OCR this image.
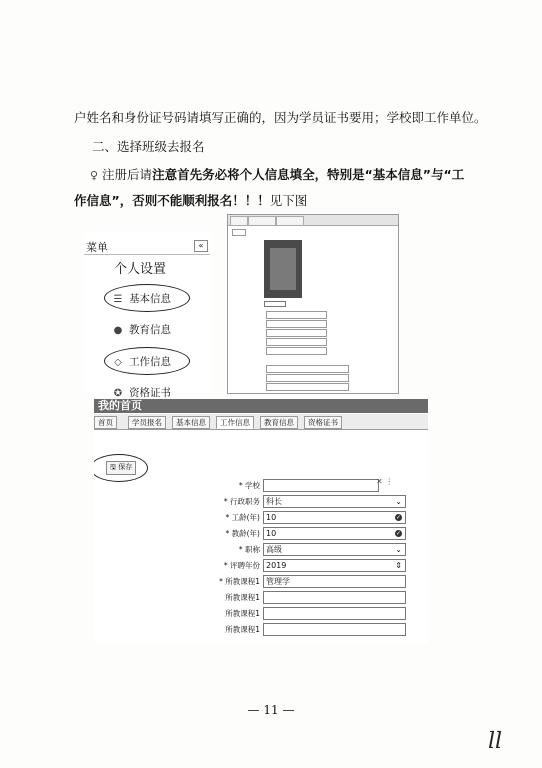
户姓名和身份证号码请填写正确的，因为学员证书要用；学校即工作单位。
二、选择班级去报名
♀ 注册后请注意首先务必将个人信息填全，特别是“基本信息”与“工
作信息”，否则不能顺利报名！！！见下图
菜单	«
个人设置
☰ 基本信息
● 教育信息
◇ 工作信息
✪ 资格证书
我的首页
首页	学员报名	基本信息	工作信息	教育信息	资格证书
🖫 保存
* 学校	✕ ⋮
* 行政职务 科长	⌄
* 工龄(年) 10	✓
* 教龄(年) 10	✓
* 职称 高级	⌄
* 评聘年份 2019	⇕
* 所教课程1 管理学
所教课程1
所教课程1
所教课程1
— 11 —
ll
